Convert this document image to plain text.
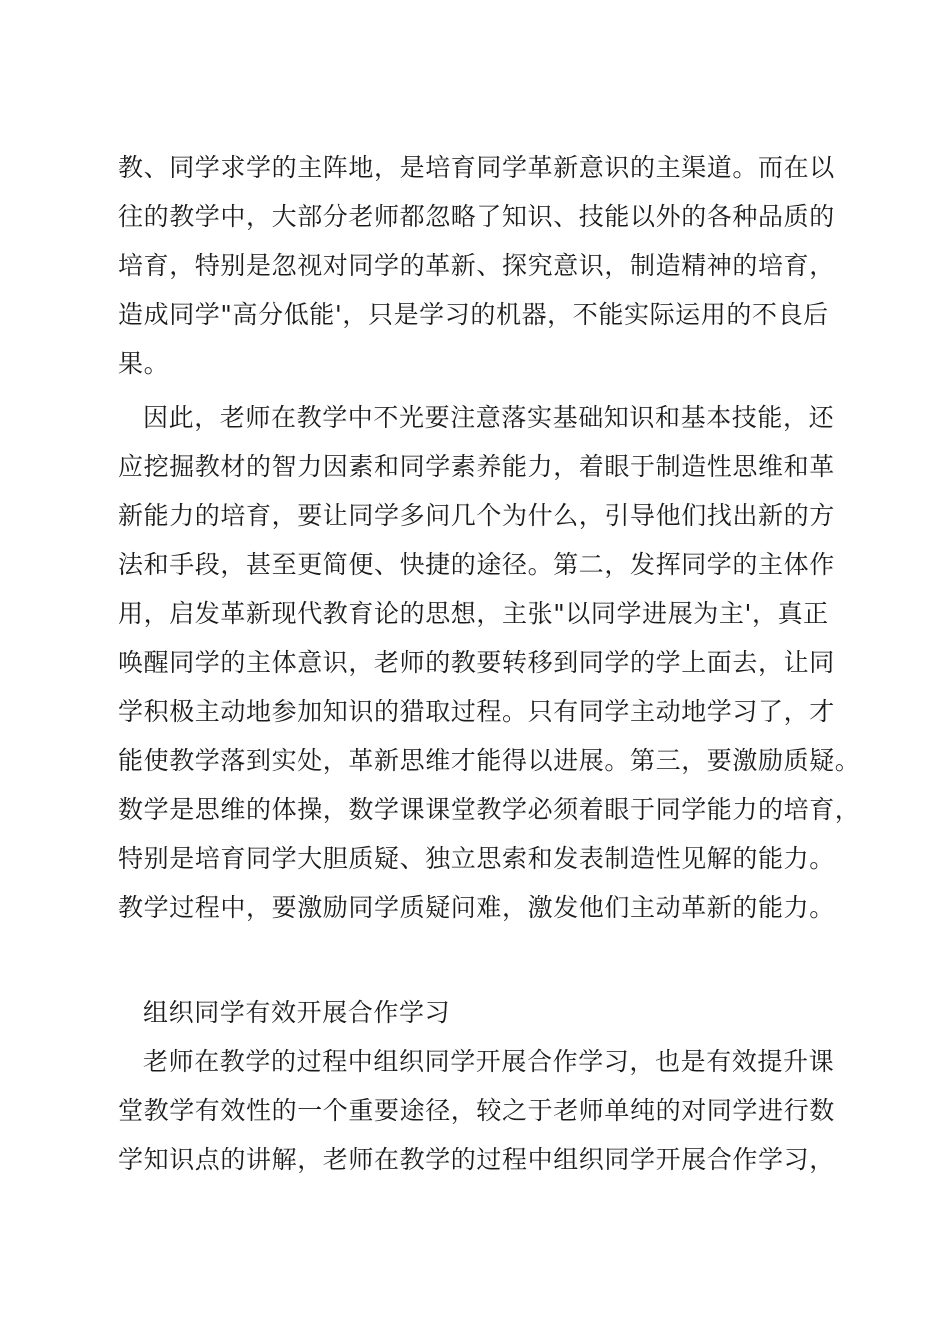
教、同学求学的主阵地，是培育同学革新意识的主渠道。而在以
往的教学中，大部分老师都忽略了知识、技能以外的各种品质的
培育，特别是忽视对同学的革新、探究意识，制造精神的培育，
造成同学"高分低能'，只是学习的机器，不能实际运用的不良后
果。
因此，老师在教学中不光要注意落实基础知识和基本技能，还
应挖掘教材的智力因素和同学素养能力，着眼于制造性思维和革
新能力的培育，要让同学多问几个为什么，引导他们找出新的方
法和手段，甚至更简便、快捷的途径。第二，发挥同学的主体作
用，启发革新现代教育论的思想，主张"以同学进展为主'，真正
唤醒同学的主体意识，老师的教要转移到同学的学上面去，让同
学积极主动地参加知识的猎取过程。只有同学主动地学习了，才
能使教学落到实处，革新思维才能得以进展。第三，要激励质疑。
数学是思维的体操，数学课课堂教学必须着眼于同学能力的培育，
特别是培育同学大胆质疑、独立思索和发表制造性见解的能力。
教学过程中，要激励同学质疑问难，激发他们主动革新的能力。
组织同学有效开展合作学习
老师在教学的过程中组织同学开展合作学习，也是有效提升课
堂教学有效性的一个重要途径，较之于老师单纯的对同学进行数
学知识点的讲解，老师在教学的过程中组织同学开展合作学习，
